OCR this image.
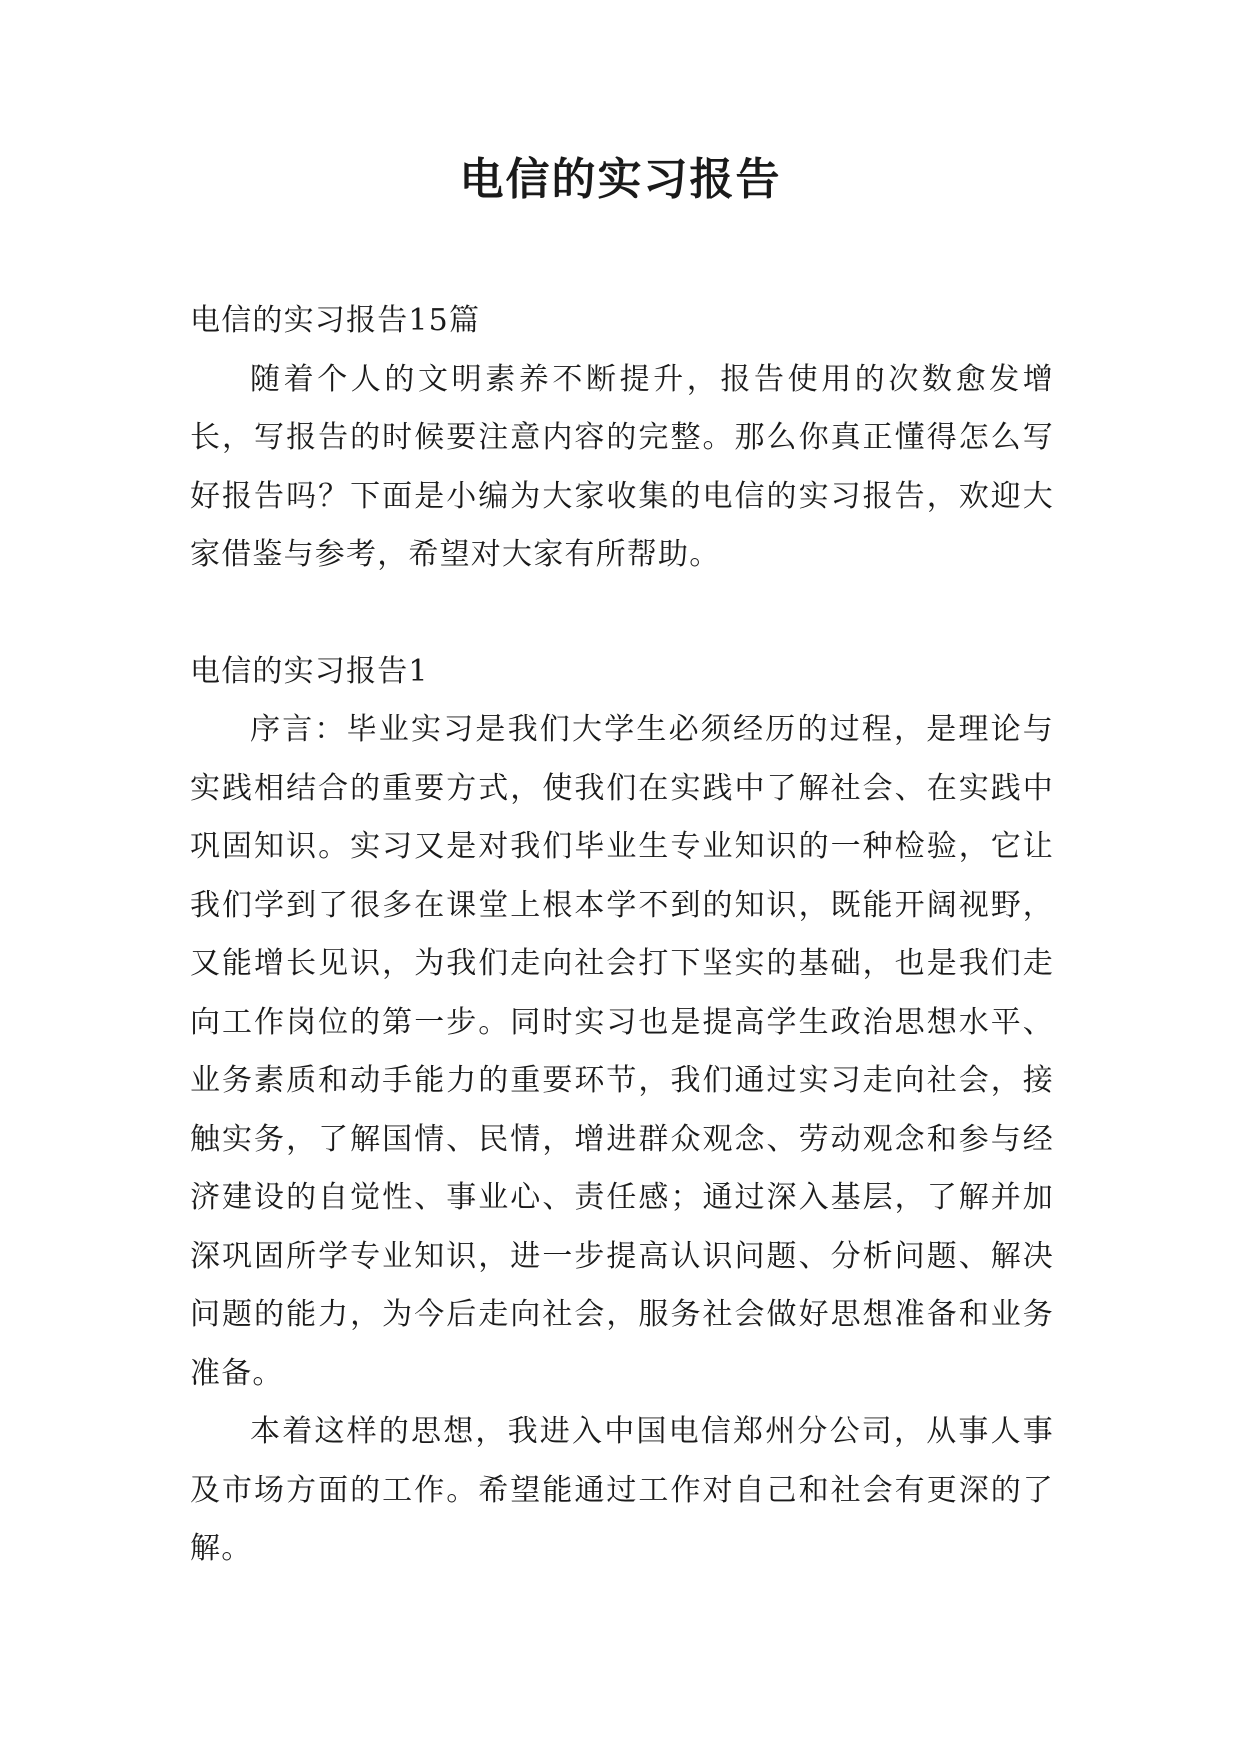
电信的实习报告

电信的实习报告15篇

随着个人的文明素养不断提升，报告使用的次数愈发增长，写报告的时候要注意内容的完整。那么你真正懂得怎么写好报告吗？下面是小编为大家收集的电信的实习报告，欢迎大家借鉴与参考，希望对大家有所帮助。

电信的实习报告1

序言：毕业实习是我们大学生必须经历的过程，是理论与实践相结合的重要方式，使我们在实践中了解社会、在实践中巩固知识。实习又是对我们毕业生专业知识的一种检验，它让我们学到了很多在课堂上根本学不到的知识，既能开阔视野，又能增长见识，为我们走向社会打下坚实的基础，也是我们走向工作岗位的第一步。同时实习也是提高学生政治思想水平、业务素质和动手能力的重要环节，我们通过实习走向社会，接触实务，了解国情、民情，增进群众观念、劳动观念和参与经济建设的自觉性、事业心、责任感；通过深入基层，了解并加深巩固所学专业知识，进一步提高认识问题、分析问题、解决问题的能力，为今后走向社会，服务社会做好思想准备和业务准备。

本着这样的思想，我进入中国电信郑州分公司，从事人事及市场方面的工作。希望能通过工作对自己和社会有更深的了解。
